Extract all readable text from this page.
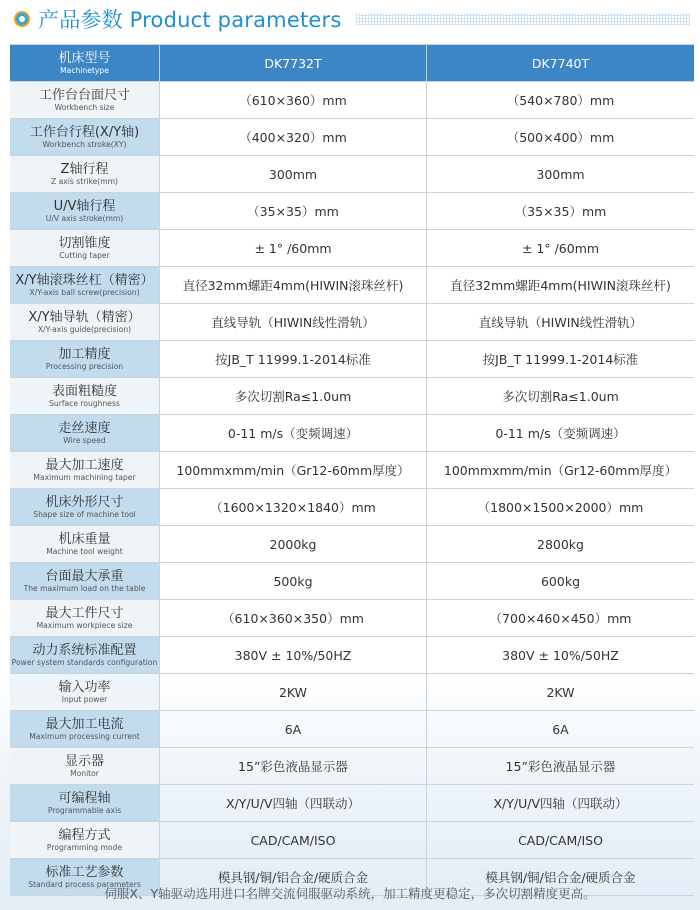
产品参数 Product parameters
机床型号
Machinetype	DK7732T	DK7740T
工作台台面尺寸
Workbench size	（610×360）mm	（540×780）mm
工作台行程(X/Y轴)
Workbench stroke(XY)	（400×320）mm	（500×400）mm
Z轴行程
Z axis strike(mm)	300mm	300mm
U/V轴行程
U/V axis stroke(mm)	（35×35）mm	（35×35）mm
切割锥度
Cutting taper	± 1° /60mm	± 1° /60mm
X/Y轴滚珠丝杠（精密）
X/Y-axis ball screw(precision)	直径32mm螺距4mm(HIWIN滚珠丝杆)	直径32mm螺距4mm(HIWIN滚珠丝杆)
X/Y轴导轨（精密）
X/Y-axis guide(precision)	直线导轨（HIWIN线性滑轨）	直线导轨（HIWIN线性滑轨）
加工精度
Processing precision	按JB_T 11999.1-2014标准	按JB_T 11999.1-2014标准
表面粗糙度
Surface roughness	多次切割Ra≤1.0um	多次切割Ra≤1.0um
走丝速度
Wire speed	0-11 m/s（变频调速）	0-11 m/s（变频调速）
最大加工速度
Maximum machining taper	100mmxmm/min（Gr12-60mm厚度）	100mmxmm/min（Gr12-60mm厚度）
机床外形尺寸
Shape size of machine tool	（1600×1320×1840）mm	（1800×1500×2000）mm
机床重量
Machine tool weight	2000kg	2800kg
台面最大承重
The maximum load on the table	500kg	600kg
最大工件尺寸
Maximum workpiece size	（610×360×350）mm	（700×460×450）mm
动力系统标准配置
Power system standards configuration	380V ± 10%/50HZ	380V ± 10%/50HZ
输入功率
Input power	2KW	2KW
最大加工电流
Maximum processing current	6A	6A
显示器
Monitor	15”彩色液晶显示器	15”彩色液晶显示器
可编程轴
Programmable axis	X/Y/U/V四轴（四联动）	X/Y/U/V四轴（四联动）
编程方式
Programming mode	CAD/CAM/ISO	CAD/CAM/ISO
标准工艺参数
Standard process parameters	模具钢/铜/铝合金/硬质合金	模具钢/铜/铝合金/硬质合金
伺服X、Y轴驱动选用进口名牌交流伺服驱动系统，加工精度更稳定，多次切割精度更高。
